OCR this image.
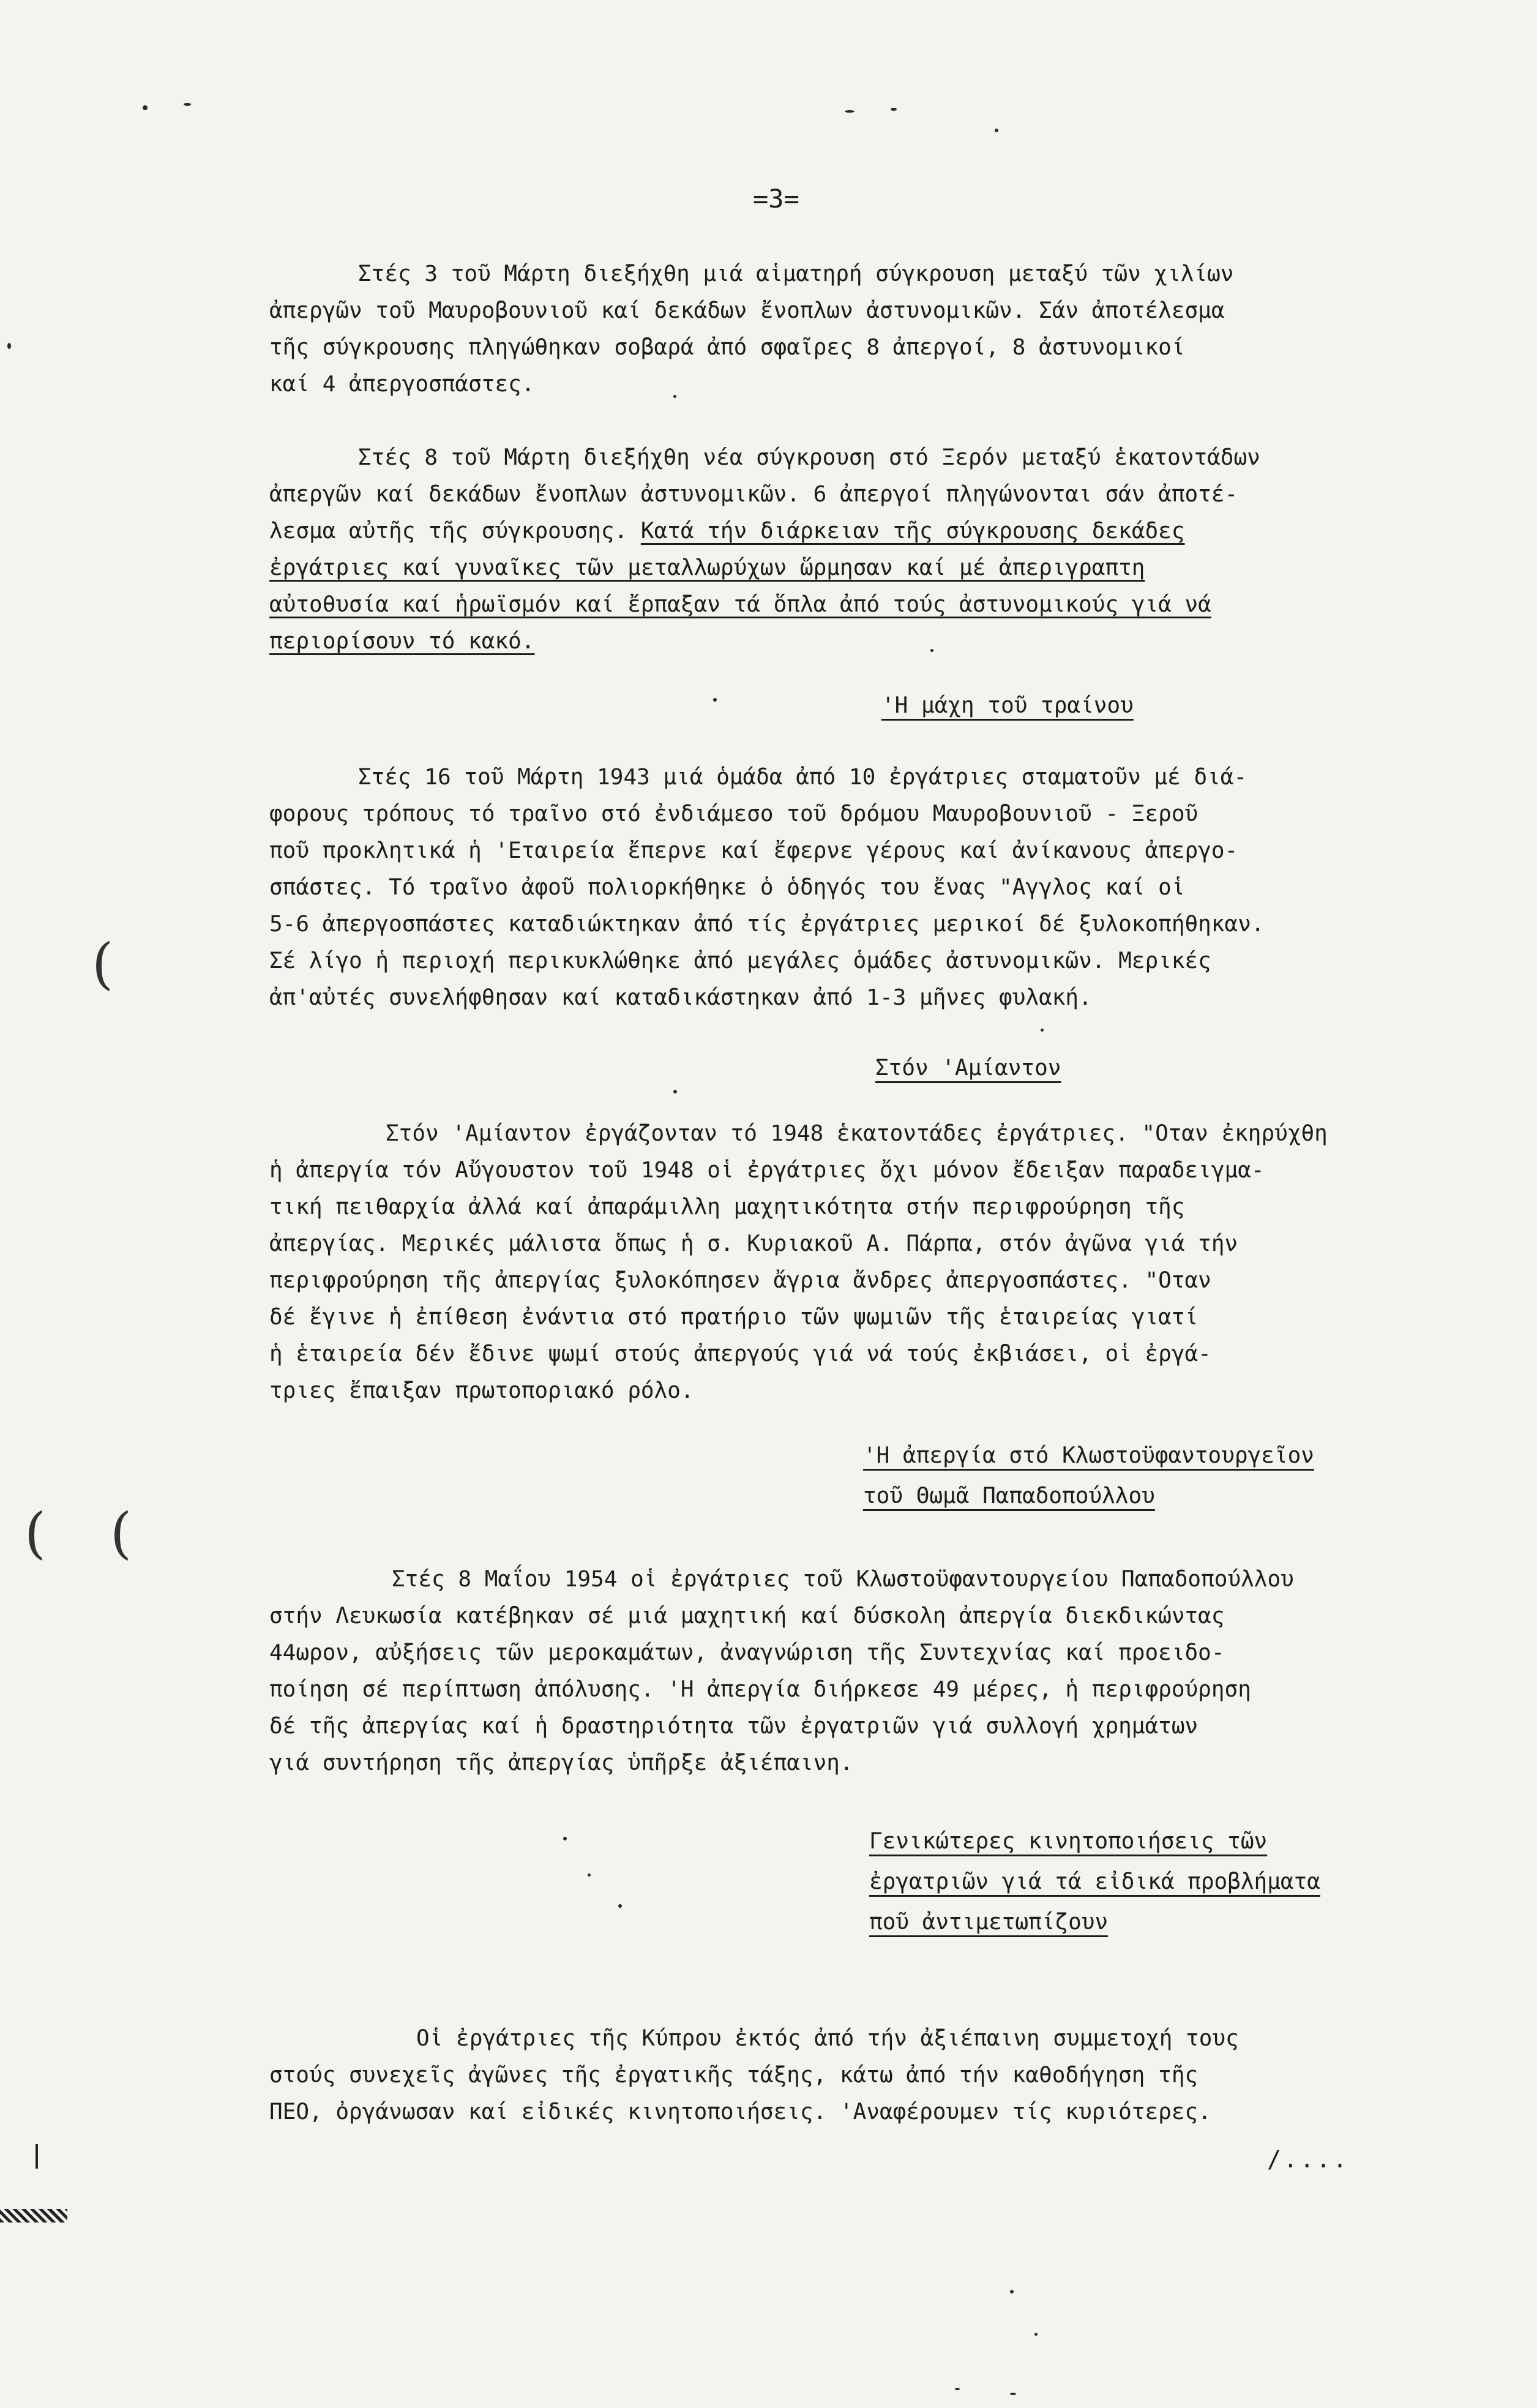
=3=

Στές 3 τοῦ Μάρτη διεξήχθη μιά αἱματηρή σύγκρουση μεταξύ τῶν χιλίων

ἀπεργῶν τοῦ Μαυροβουνιοῦ καί δεκάδων ἔνοπλων ἀστυνομικῶν. Σάν ἀποτέλεσμα

τῆς σύγκρουσης πληγώθηκαν σοβαρά ἀπό σφαῖρες 8 ἀπεργοί, 8 ἀστυνομικοί

καί 4 ἀπεργοσπάστες.

Στές 8 τοῦ Μάρτη διεξήχθη νέα σύγκρουση στό Ξερόν μεταξύ ἑκατοντάδων

ἀπεργῶν καί δεκάδων ἔνοπλων ἀστυνομικῶν. 6 ἀπεργοί πληγώνονται σάν ἀποτέ-

λεσμα αὐτῆς τῆς σύγκρουσης. Κατά τήν διάρκειαν τῆς σύγκρουσης δεκάδες

ἐργάτριες καί γυναῖκες τῶν μεταλλωρύχων ὥρμησαν καί μέ ἀπεριγραπτη

αὐτοθυσία καί ἡρωϊσμόν καί ἔρπαξαν τά ὅπλα ἀπό τούς ἀστυνομικούς γιά νά

περιορίσουν τό κακό.

'Η μάχη τοῦ τραίνου

Στές 16 τοῦ Μάρτη 1943 μιά ὁμάδα ἀπό 10 ἐργάτριες σταματοῦν μέ διά-

φορους τρόπους τό τραῖνο στό ἐνδιάμεσο τοῦ δρόμου Μαυροβουνιοῦ - Ξεροῦ

ποῦ προκλητικά ἡ 'Εταιρεία ἔπερνε καί ἔφερνε γέρους καί ἀνίκανους ἀπεργο-

σπάστες. Τό τραῖνο ἀφοῦ πολιορκήθηκε ὁ ὁδηγός του ἔνας "Αγγλος καί οἱ

5-6 ἀπεργοσπάστες καταδιώκτηκαν ἀπό τίς ἐργάτριες μερικοί δέ ξυλοκοπήθηκαν.

Σέ λίγο ἡ περιοχή περικυκλώθηκε ἀπό μεγάλες ὁμάδες ἀστυνομικῶν. Μερικές

ἀπ'αὐτές συνελήφθησαν καί καταδικάστηκαν ἀπό 1-3 μῆνες φυλακή.

Στόν 'Αμίαντον

Στόν 'Αμίαντον ἐργάζονταν τό 1948 ἑκατοντάδες ἐργάτριες. "Οταν ἐκηρύχθη

ἡ ἀπεργία τόν Αὔγουστον τοῦ 1948 οἱ ἐργάτριες ὄχι μόνον ἔδειξαν παραδειγμα-

τική πειθαρχία ἀλλά καί ἀπαράμιλλη μαχητικότητα στήν περιφρούρηση τῆς

ἀπεργίας. Μερικές μάλιστα ὅπως ἡ σ. Κυριακοῦ Α. Πάρπα, στόν ἀγῶνα γιά τήν

περιφρούρηση τῆς ἀπεργίας ξυλοκόπησεν ἄγρια ἄνδρες ἀπεργοσπάστες. "Οταν

δέ ἔγινε ἡ ἐπίθεση ἐνάντια στό πρατήριο τῶν ψωμιῶν τῆς ἑταιρείας γιατί

ἡ ἑταιρεία δέν ἔδινε ψωμί στούς ἀπεργούς γιά νά τούς ἐκβιάσει, οἱ ἐργά-

τριες ἔπαιξαν πρωτοποριακό ρόλο.

'Η ἀπεργία στό Κλωστοϋφαντουργεῖον

τοῦ Θωμᾶ Παπαδοπούλλου

Στές 8 Μαΐου 1954 οἱ ἐργάτριες τοῦ Κλωστοϋφαντουργείου Παπαδοπούλλου

στήν Λευκωσία κατέβηκαν σέ μιά μαχητική καί δύσκολη ἀπεργία διεκδικώντας

44ωρον, αὐξήσεις τῶν μεροκαμάτων, ἀναγνώριση τῆς Συντεχνίας καί προειδο-

ποίηση σέ περίπτωση ἀπόλυσης. 'Η ἀπεργία διήρκεσε 49 μέρες, ἡ περιφρούρηση

δέ τῆς ἀπεργίας καί ἡ δραστηριότητα τῶν ἐργατριῶν γιά συλλογή χρημάτων

γιά συντήρηση τῆς ἀπεργίας ὑπῆρξε ἀξιέπαινη.

Γενικώτερες κινητοποιήσεις τῶν

ἐργατριῶν γιά τά εἰδικά προβλήματα

ποῦ ἀντιμετωπίζουν

Οἱ ἐργάτριες τῆς Κύπρου ἐκτός ἀπό τήν ἀξιέπαινη συμμετοχή τους

στούς συνεχεῖς ἀγῶνες τῆς ἐργατικῆς τάξης, κάτω ἀπό τήν καθοδήγηση τῆς

ΠΕΟ, ὀργάνωσαν καί εἰδικές κινητοποιήσεις. 'Αναφέρουμεν τίς κυριότερες.

/....
(
( (
